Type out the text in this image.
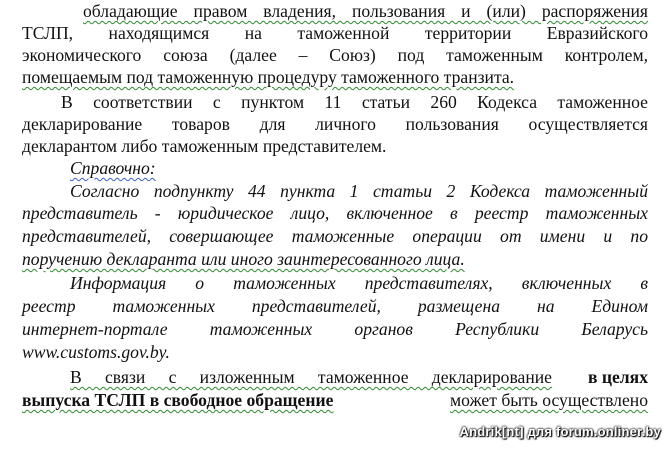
обладающие правом владения, пользования и (или) распоряжения
ТСЛП, находящимся на таможенной территории Евразийского
экономического союза (далее – Союз) под таможенным контролем,
помещаемым под таможенную процедуру таможенного транзита.
В соответствии с пунктом 11 статьи 260 Кодекса таможенное
декларирование товаров для личного пользования осуществляется
декларантом либо таможенным представителем.
Справочно:
Согласно подпункту 44 пункта 1 статьи 2 Кодекса таможенный
представитель - юридическое лицо, включенное в реестр таможенных
представителей, совершающее таможенные операции от имени и по
поручению декларанта или иного заинтересованного лица.
Информация о таможенных представителях, включенных в
реестр таможенных представителей, размещена на Едином
интернет-портале таможенных органов Республики Беларусь
www.customs.gov.by.
В связи с изложенным таможенное декларирование в целях
выпуска ТСЛП в свободное обращение	может быть осуществлено
Andrik[nt] для forum.onliner.by
